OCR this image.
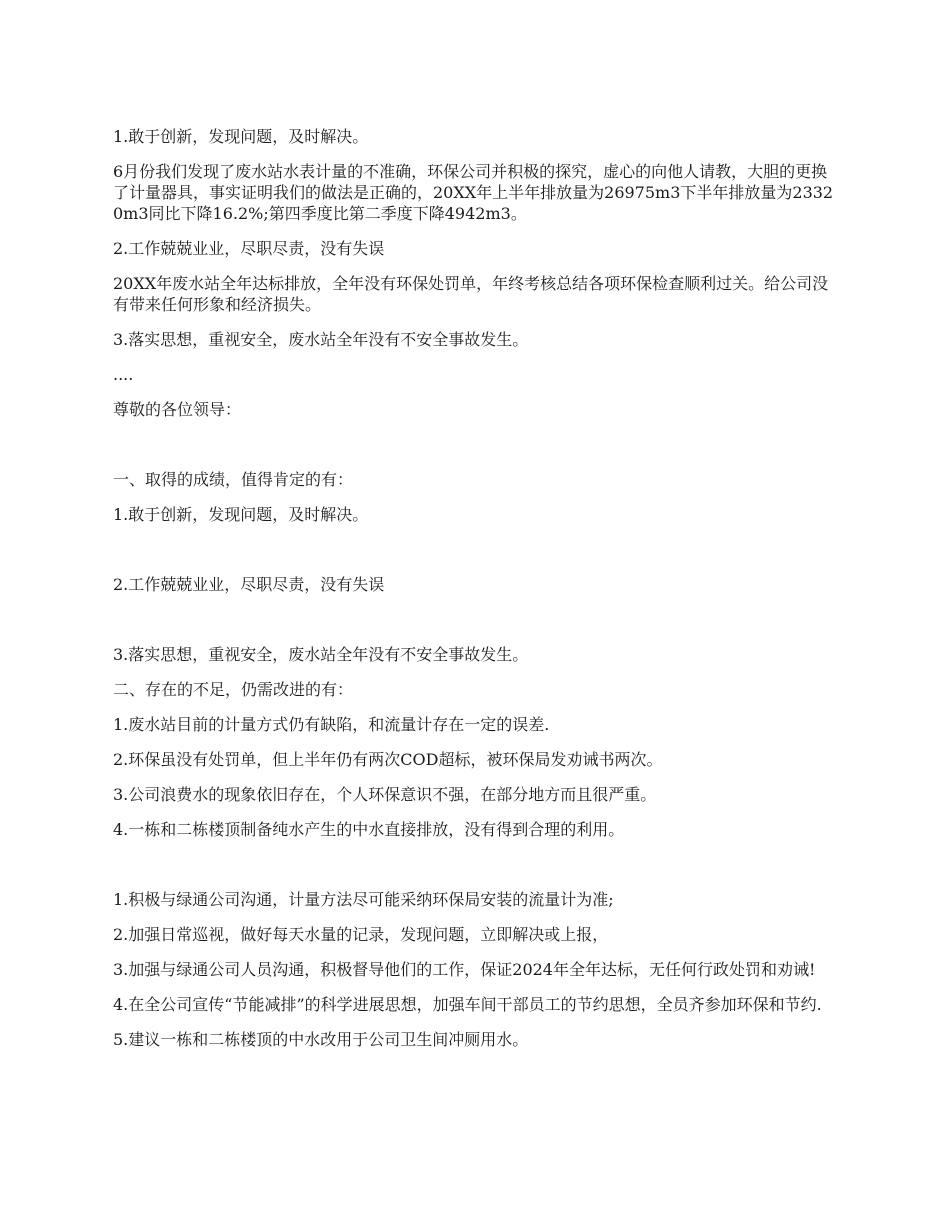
1.敢于创新，发现问题，及时解决。

6月份我们发现了废水站水表计量的不准确，环保公司并积极的探究，虚心的向他人请教，大胆的更换了计量器具，事实证明我们的做法是正确的，20XX年上半年排放量为26975m3下半年排放量为23320m3同比下降16.2%;第四季度比第二季度下降4942m3。

2.工作兢兢业业，尽职尽责，没有失误

20XX年废水站全年达标排放，全年没有环保处罚单，年终考核总结各项环保检查顺利过关。给公司没有带来任何形象和经济损失。

3.落实思想，重视安全，废水站全年没有不安全事故发生。

....

尊敬的各位领导：

一、取得的成绩，值得肯定的有：

1.敢于创新，发现问题，及时解决。

2.工作兢兢业业，尽职尽责，没有失误

3.落实思想，重视安全，废水站全年没有不安全事故发生。

二、存在的不足，仍需改进的有：

1.废水站目前的计量方式仍有缺陷，和流量计存在一定的误差.

2.环保虽没有处罚单，但上半年仍有两次COD超标，被环保局发劝诫书两次。

3.公司浪费水的现象依旧存在，个人环保意识不强，在部分地方而且很严重。

4.一栋和二栋楼顶制备纯水产生的中水直接排放，没有得到合理的利用。

1.积极与绿通公司沟通，计量方法尽可能采纳环保局安装的流量计为准;

2.加强日常巡视，做好每天水量的记录，发现问题，立即解决或上报，

3.加强与绿通公司人员沟通，积极督导他们的工作，保证2024年全年达标，无任何行政处罚和劝诫!

4.在全公司宣传“节能减排”的科学进展思想，加强车间干部员工的节约思想，全员齐参加环保和节约.

5.建议一栋和二栋楼顶的中水改用于公司卫生间冲厕用水。
